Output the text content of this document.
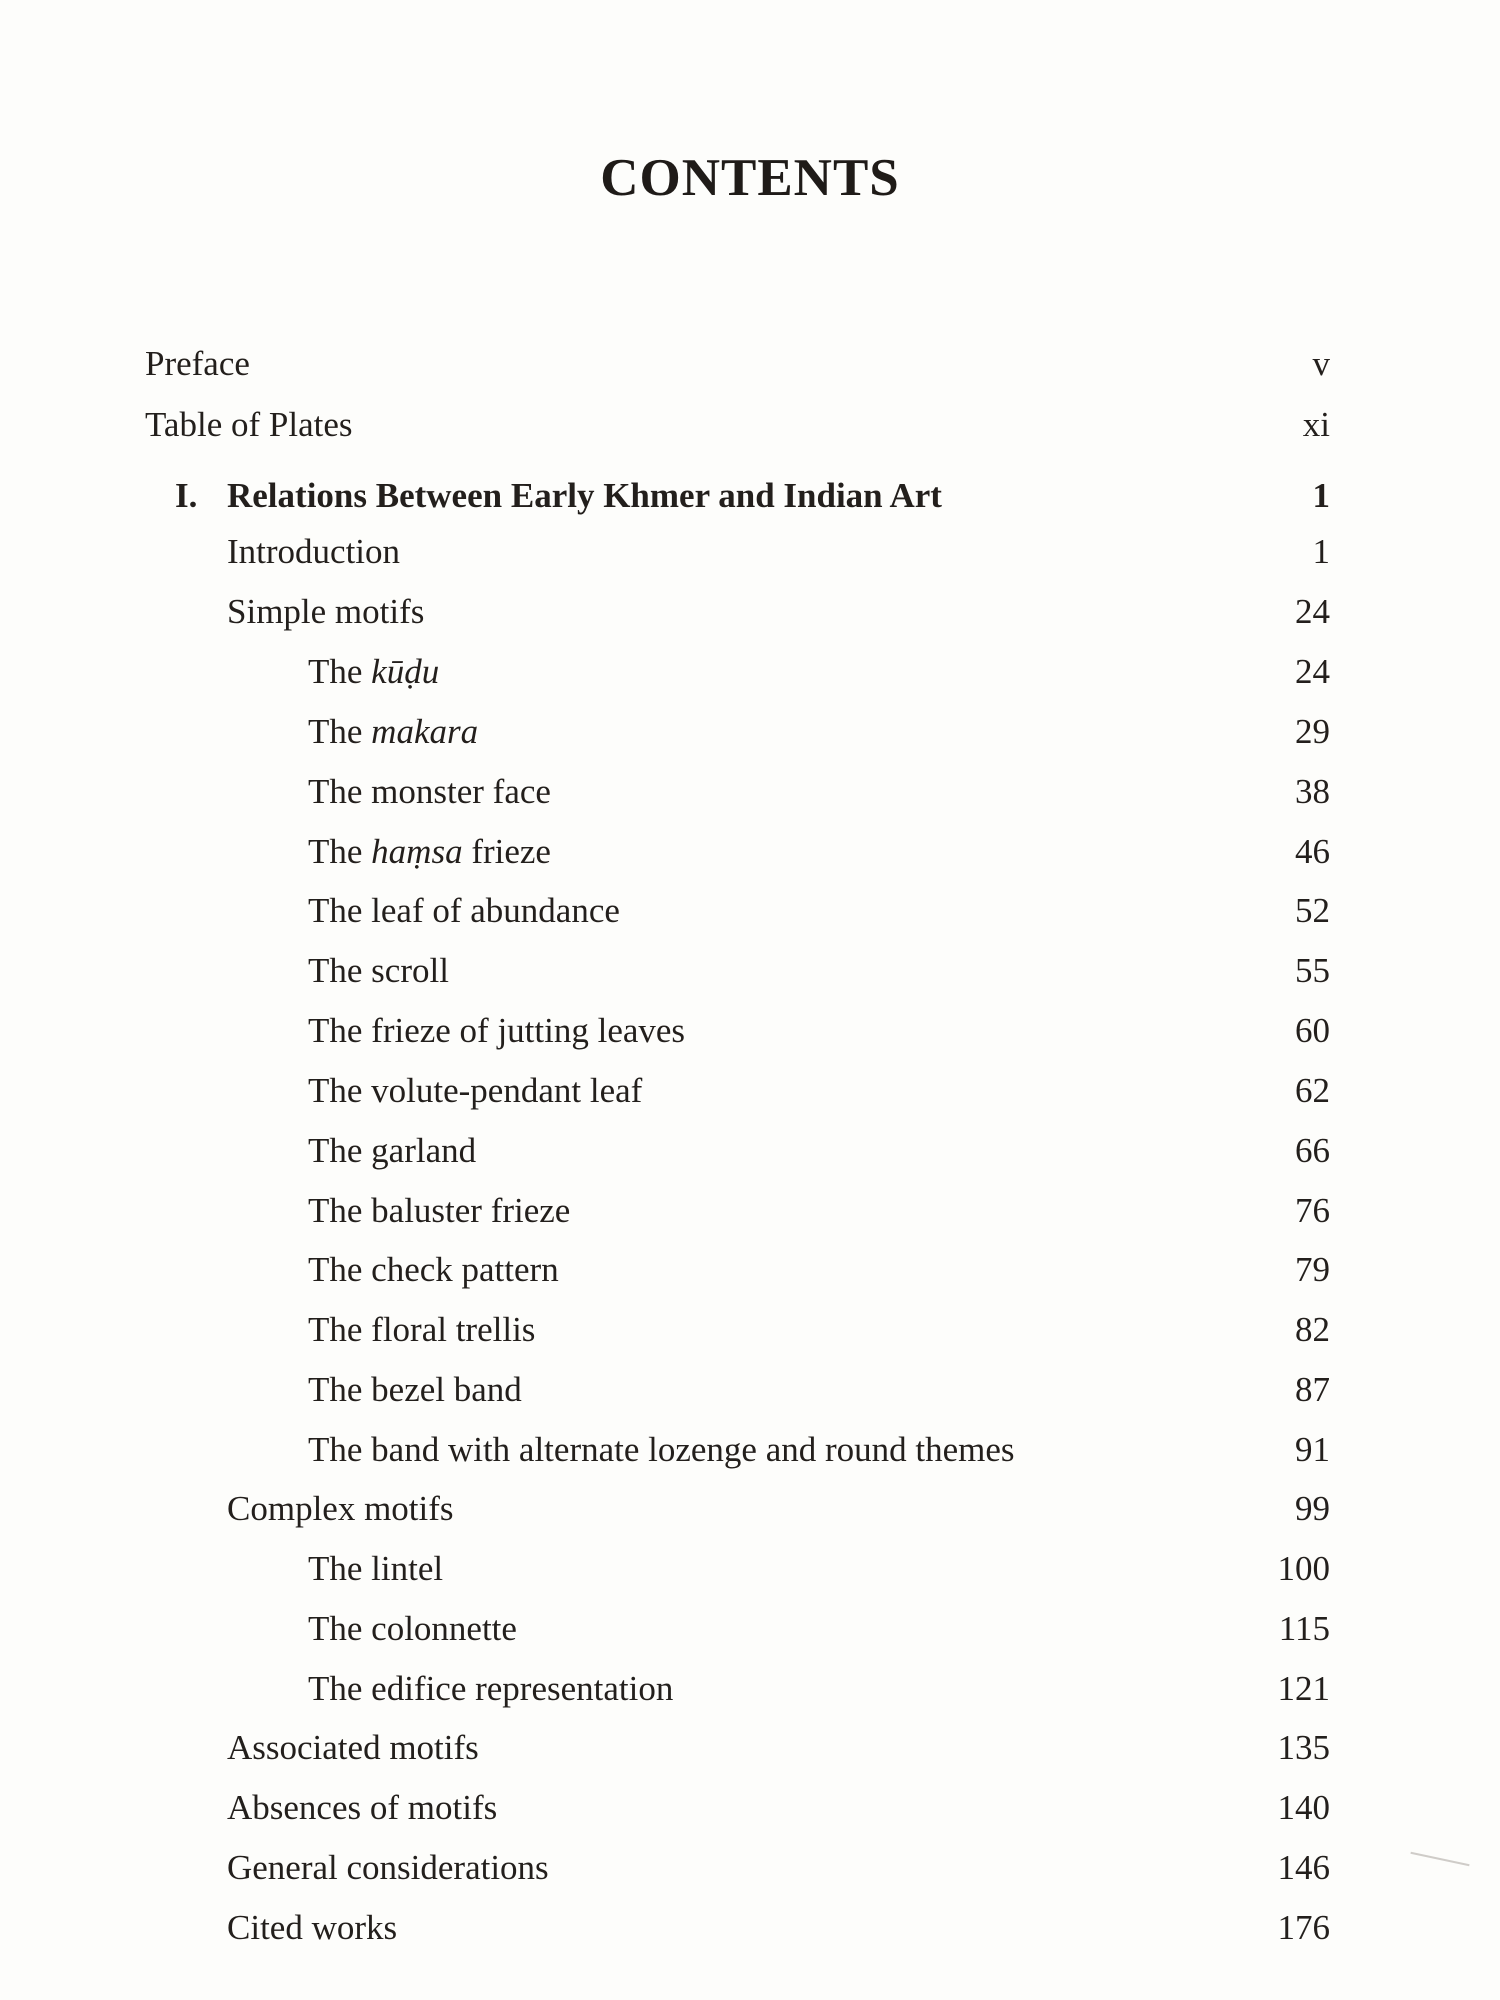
CONTENTS
Preface	v
Table of Plates	xi
I. Relations Between Early Khmer and Indian Art	1
Introduction	1
Simple motifs	24
The kūḍu	24
The makara	29
The monster face	38
The haṃsa frieze	46
The leaf of abundance	52
The scroll	55
The frieze of jutting leaves	60
The volute-pendant leaf	62
The garland	66
The baluster frieze	76
The check pattern	79
The floral trellis	82
The bezel band	87
The band with alternate lozenge and round themes	91
Complex motifs	99
The lintel	100
The colonnette	115
The edifice representation	121
Associated motifs	135
Absences of motifs	140
General considerations	146
Cited works	176
